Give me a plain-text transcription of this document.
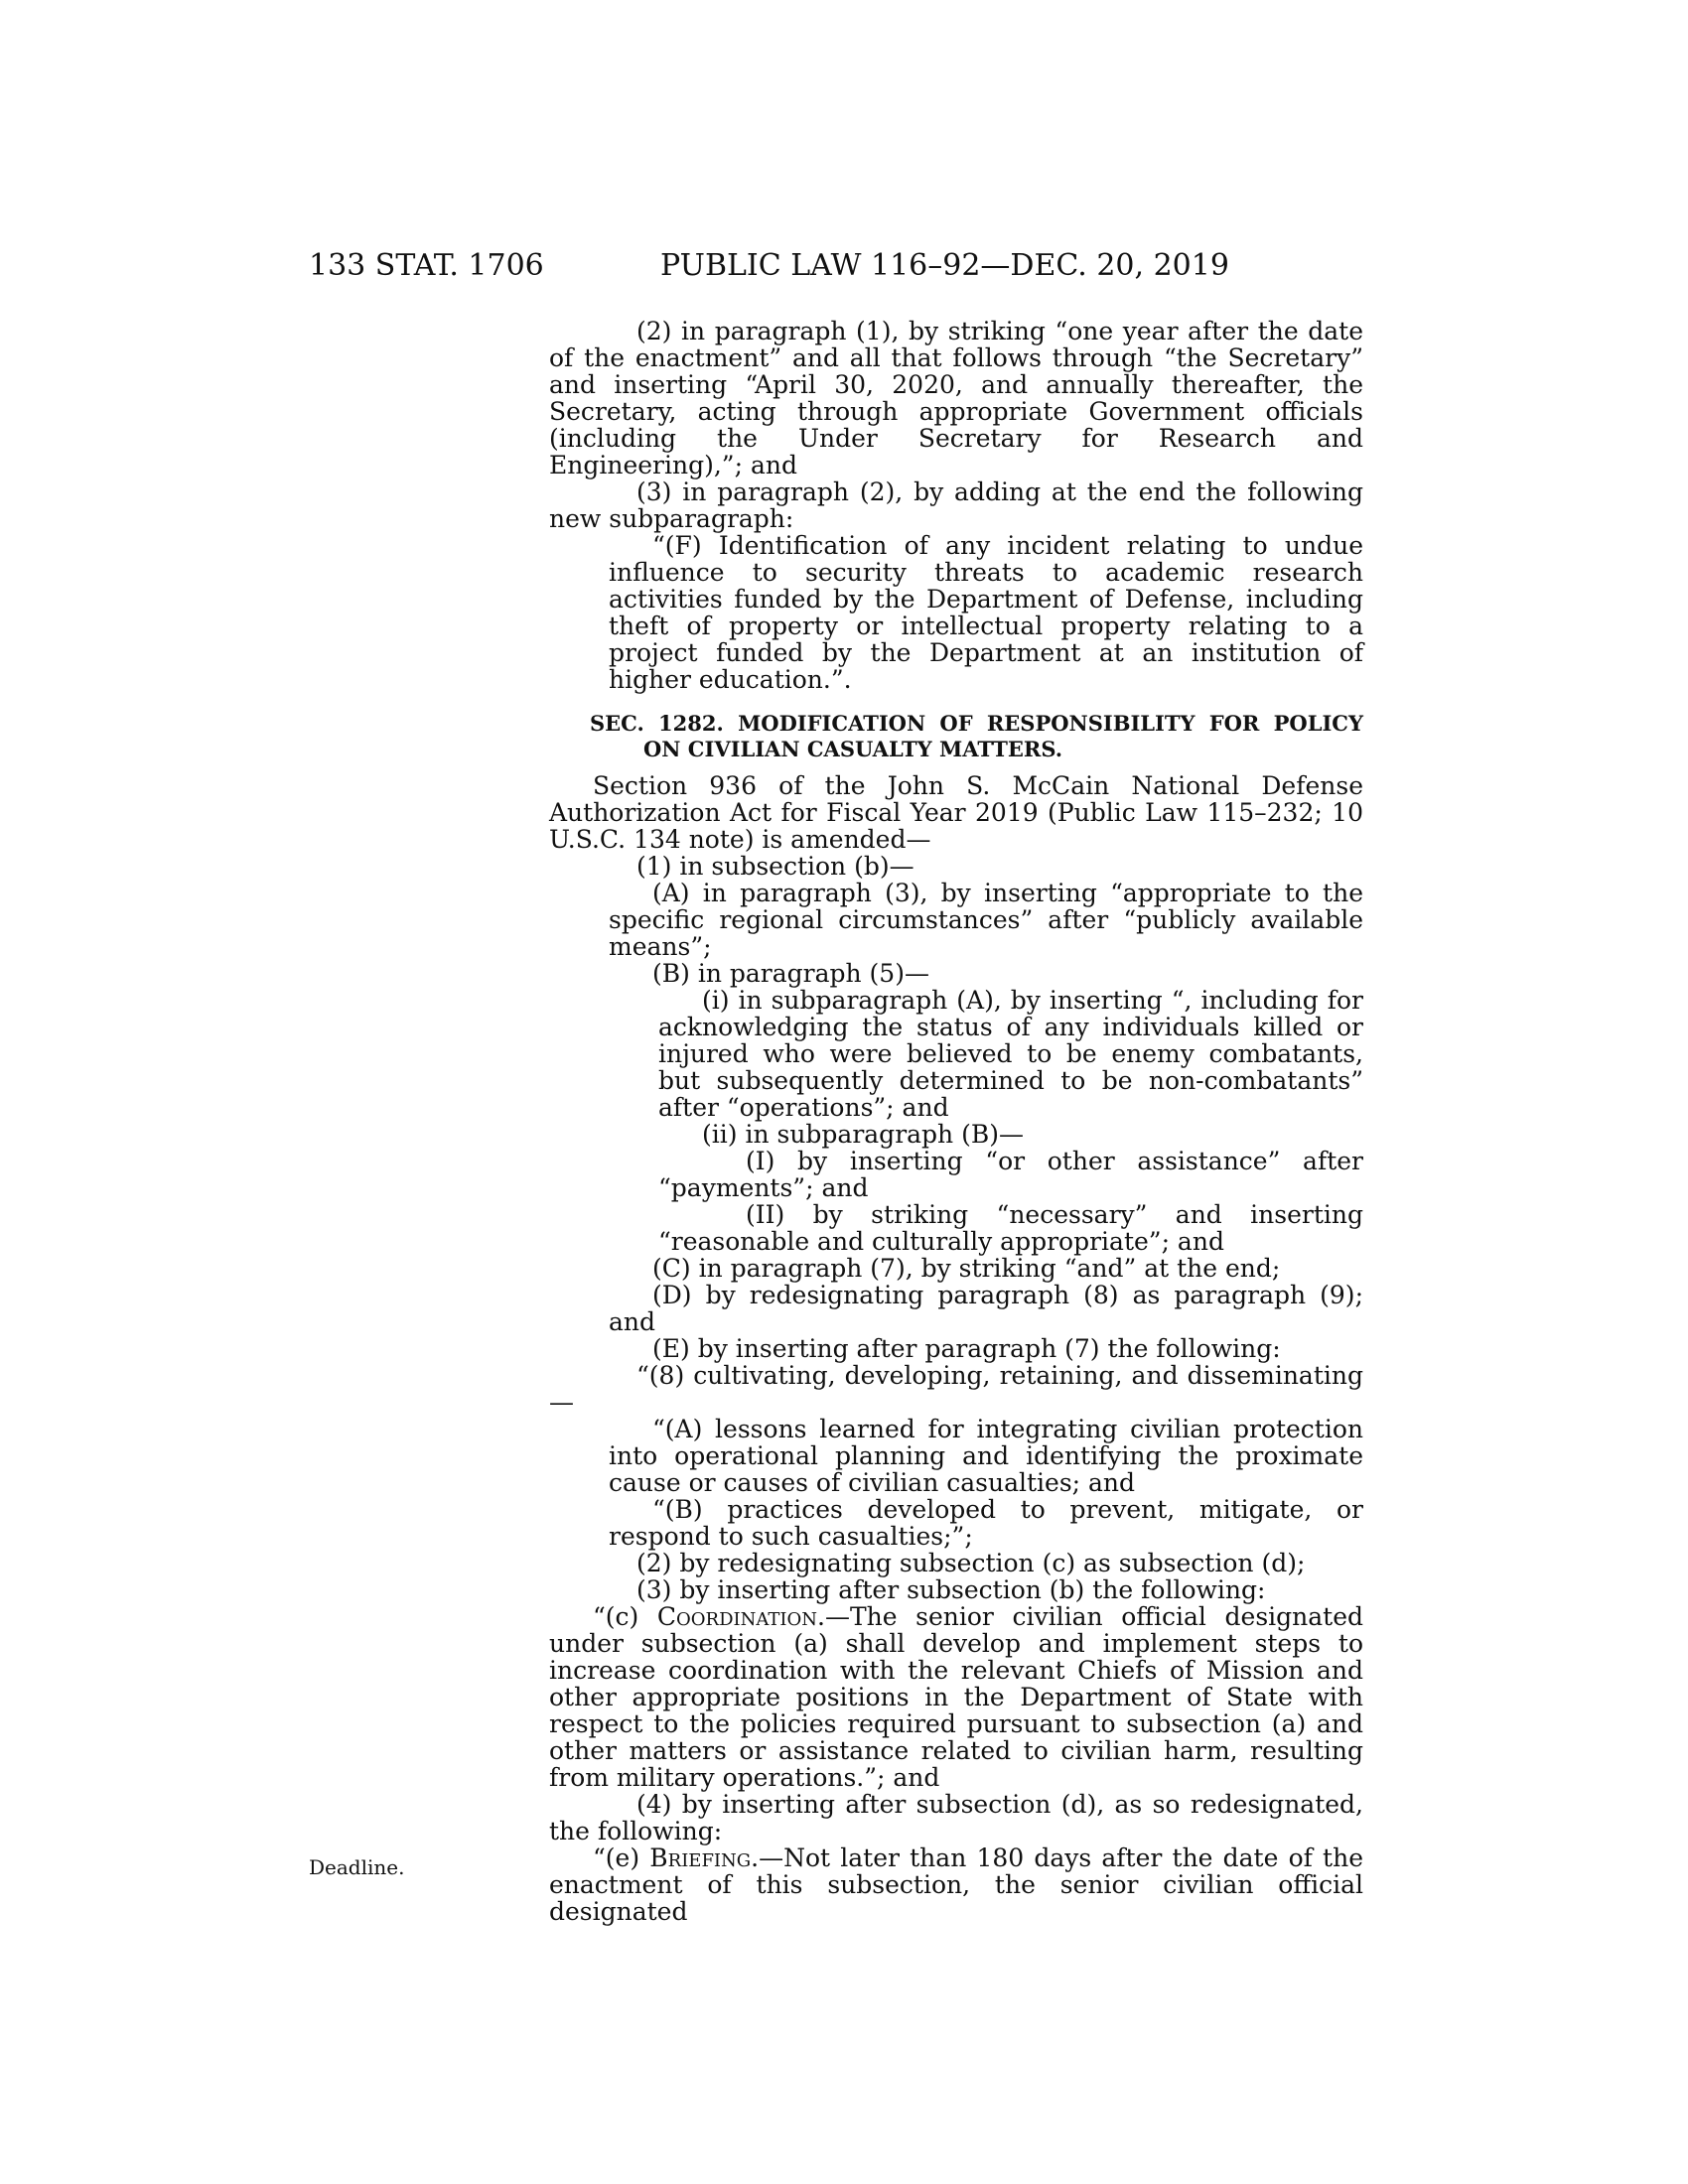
133 STAT. 1706	PUBLIC LAW 116–92—DEC. 20, 2019
Deadline.

(2) in paragraph (1), by striking “one year after the date of the enactment” and all that follows through “the Secretary” and inserting “April 30, 2020, and annually thereafter, the Secretary, acting through appropriate Government officials (including the Under Secretary for Research and Engineering),”; and

(3) in paragraph (2), by adding at the end the following new subparagraph:

“(F) Identification of any incident relating to undue influence to security threats to academic research activities funded by the Department of Defense, including theft of property or intellectual property relating to a project funded by the Department at an institution of higher education.”.

SEC. 1282. MODIFICATION OF RESPONSIBILITY FOR POLICY ON CIVILIAN CASUALTY MATTERS.

Section 936 of the John S. McCain National Defense Authorization Act for Fiscal Year 2019 (Public Law 115–232; 10 U.S.C. 134 note) is amended—

(1) in subsection (b)—

(A) in paragraph (3), by inserting “appropriate to the specific regional circumstances” after “publicly available means”;

(B) in paragraph (5)—

(i) in subparagraph (A), by inserting “, including for acknowledging the status of any individuals killed or injured who were believed to be enemy combatants, but subsequently determined to be non-combatants” after “operations”; and

(ii) in subparagraph (B)—

(I) by inserting “or other assistance” after “payments”; and

(II) by striking “necessary” and inserting “reasonable and culturally appropriate”; and

(C) in paragraph (7), by striking “and” at the end;

(D) by redesignating paragraph (8) as paragraph (9); and

(E) by inserting after paragraph (7) the following:

“(8) cultivating, developing, retaining, and disseminating—

“(A) lessons learned for integrating civilian protection into operational planning and identifying the proximate cause or causes of civilian casualties; and

“(B) practices developed to prevent, mitigate, or respond to such casualties;”;

(2) by redesignating subsection (c) as subsection (d);

(3) by inserting after subsection (b) the following:

“(c) Coordination.—The senior civilian official designated under subsection (a) shall develop and implement steps to increase coordination with the relevant Chiefs of Mission and other appropriate positions in the Department of State with respect to the policies required pursuant to subsection (a) and other matters or assistance related to civilian harm, resulting from military operations.”; and

(4) by inserting after subsection (d), as so redesignated, the following:

“(e) Briefing.—Not later than 180 days after the date of the enactment of this subsection, the senior civilian official designated
